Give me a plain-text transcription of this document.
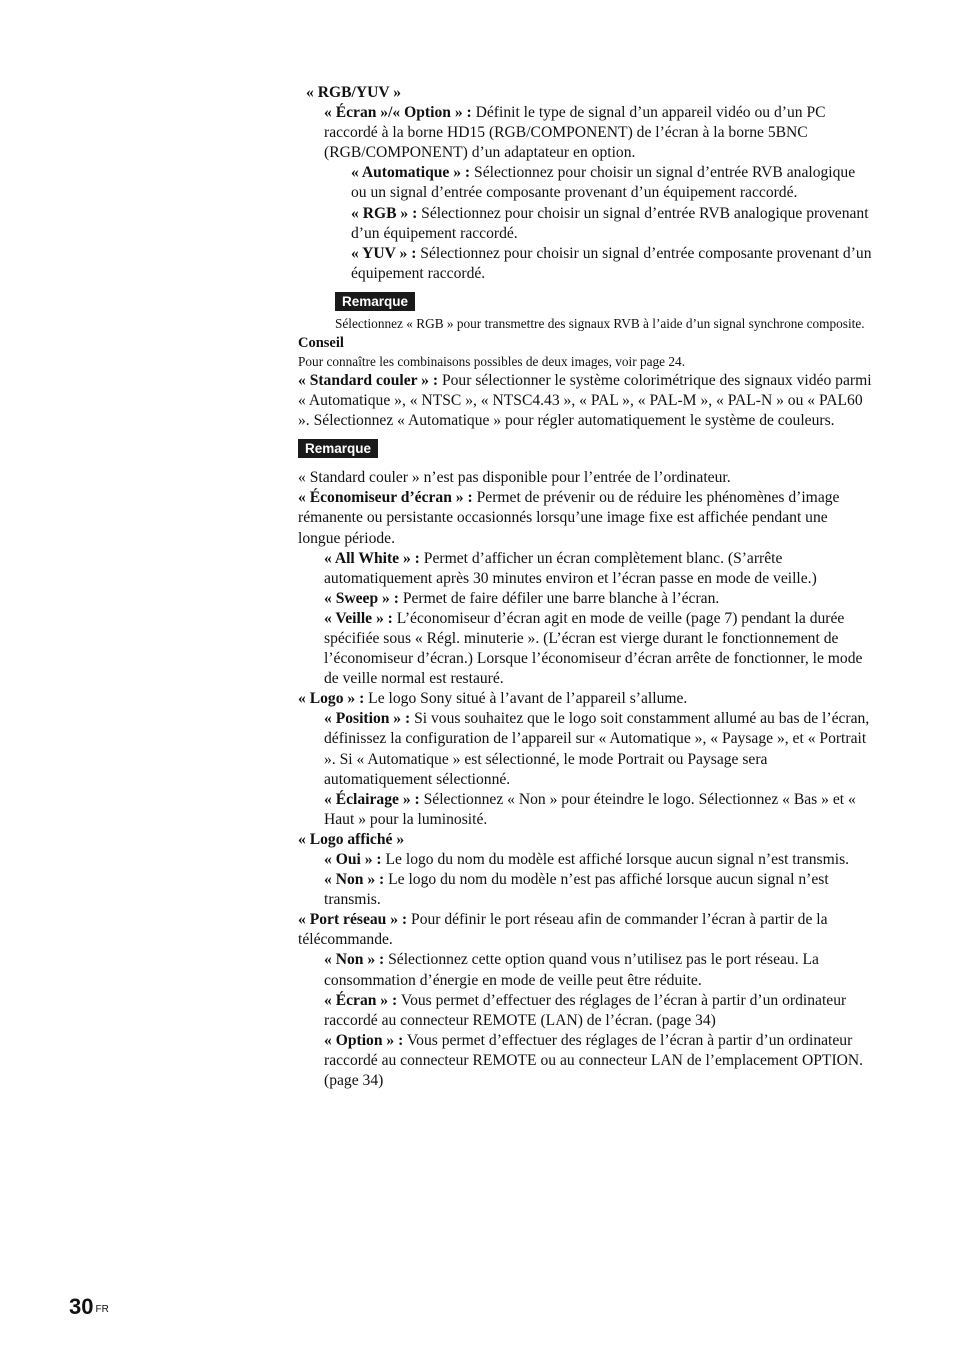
« RGB/YUV »

« Écran »/« Option » : Définit le type de signal d’un appareil vidéo ou d’un PC raccordé à la borne HD15 (RGB/COMPONENT) de l’écran à la borne 5BNC (RGB/COMPONENT) d’un adaptateur en option.

« Automatique » : Sélectionnez pour choisir un signal d’entrée RVB analogique ou un signal d’entrée composante provenant d’un équipement raccordé.

« RGB » : Sélectionnez pour choisir un signal d’entrée RVB analogique provenant d’un équipement raccordé.

« YUV » : Sélectionnez pour choisir un signal d’entrée composante provenant d’un équipement raccordé.

Remarque

Sélectionnez « RGB » pour transmettre des signaux RVB à l’aide d’un signal synchrone composite.

Conseil

Pour connaître les combinaisons possibles de deux images, voir page 24.

« Standard couler » : Pour sélectionner le système colorimétrique des signaux vidéo parmi « Automatique », « NTSC », « NTSC4.43 », « PAL », « PAL-M », « PAL-N » ou « PAL60 ». Sélectionnez « Automatique » pour régler automatiquement le système de couleurs.

Remarque

« Standard couler » n’est pas disponible pour l’entrée de l’ordinateur.

« Économiseur d’écran » : Permet de prévenir ou de réduire les phénomènes d’image rémanente ou persistante occasionnés lorsqu’une image fixe est affichée pendant une longue période.

« All White » : Permet d’afficher un écran complètement blanc. (S’arrête automatiquement après 30 minutes environ et l’écran passe en mode de veille.)

« Sweep » : Permet de faire défiler une barre blanche à l’écran.

« Veille » : L’économiseur d’écran agit en mode de veille (page 7) pendant la durée spécifiée sous « Régl. minuterie ». (L’écran est vierge durant le fonctionnement de l’économiseur d’écran.) Lorsque l’économiseur d’écran arrête de fonctionner, le mode de veille normal est restauré.

« Logo » : Le logo Sony situé à l’avant de l’appareil s’allume.

« Position » : Si vous souhaitez que le logo soit constamment allumé au bas de l’écran, définissez la configuration de l’appareil sur « Automatique », « Paysage », et « Portrait ». Si « Automatique » est sélectionné, le mode Portrait ou Paysage sera automatiquement sélectionné.

« Éclairage » : Sélectionnez « Non » pour éteindre le logo. Sélectionnez « Bas » et « Haut » pour la luminosité.

« Logo affiché »

« Oui » : Le logo du nom du modèle est affiché lorsque aucun signal n’est transmis.

« Non » : Le logo du nom du modèle n’est pas affiché lorsque aucun signal n’est transmis.

« Port réseau » : Pour définir le port réseau afin de commander l’écran à partir de la télécommande.

« Non » : Sélectionnez cette option quand vous n’utilisez pas le port réseau. La consommation d’énergie en mode de veille peut être réduite.

« Écran » : Vous permet d’effectuer des réglages de l’écran à partir d’un ordinateur raccordé au connecteur REMOTE (LAN) de l’écran. (page 34)

« Option » : Vous permet d’effectuer des réglages de l’écran à partir d’un ordinateur raccordé au connecteur REMOTE ou au connecteur LAN de l’emplacement OPTION. (page 34)

30 $^{FR}$
